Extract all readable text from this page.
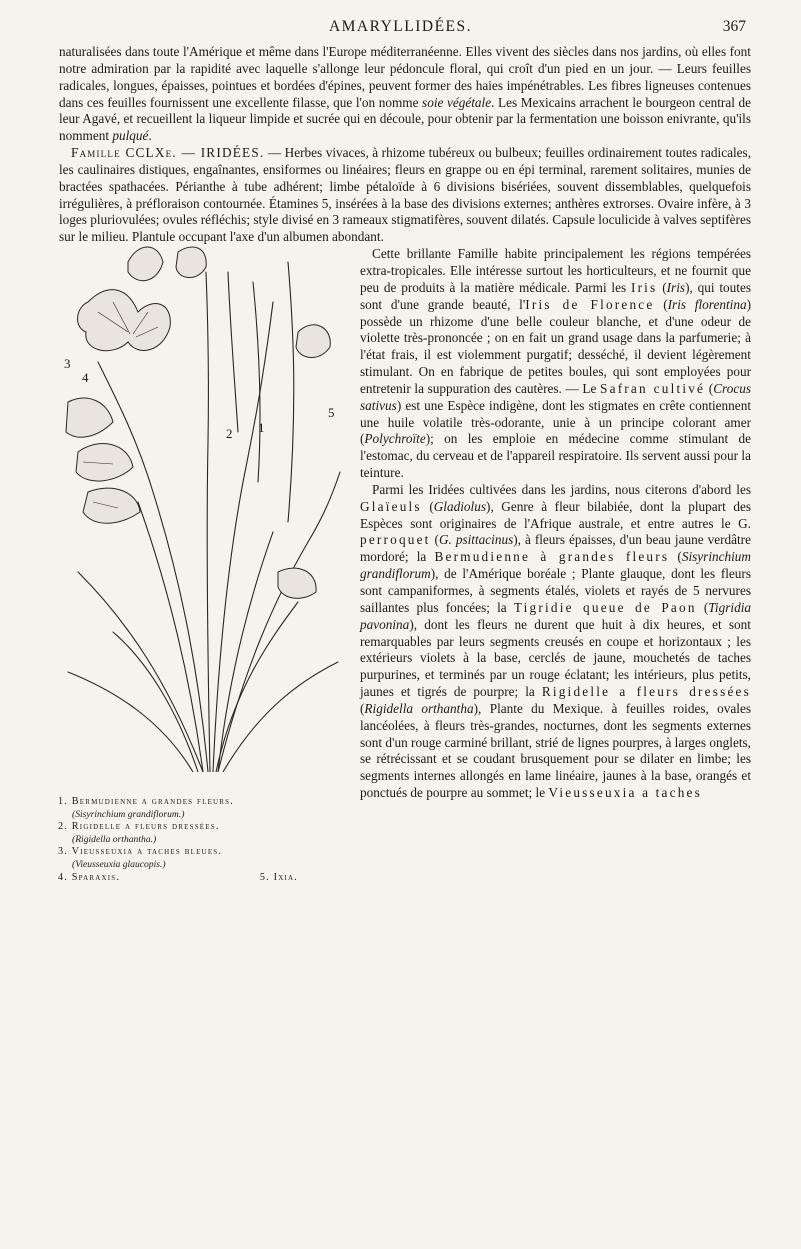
AMARYLLIDÉES.	367

naturalisées dans toute l'Amérique et même dans l'Europe méditerranéenne. Elles vivent des siècles dans nos jardins, où elles font notre admiration par la rapidité avec laquelle s'allonge leur pédoncule floral, qui croît d'un pied en un jour. — Leurs feuilles radicales, longues, épaisses, pointues et bordées d'épines, peuvent former des haies impénétrables. Les fibres ligneuses contenues dans ces feuilles fournissent une excellente filasse, que l'on nomme soie végétale. Les Mexicains arrachent le bourgeon central de leur Agavé, et recueillent la liqueur limpide et sucrée qui en découle, pour obtenir par la fermentation une boisson enivrante, qu'ils nomment pulqué.

Famille CCLXe. — IRIDÉES. — Herbes vivaces, à rhizome tubéreux ou bulbeux; feuilles ordinairement toutes radicales, les caulinaires distiques, engaînantes, ensiformes ou linéaires; fleurs en grappe ou en épi terminal, rarement solitaires, munies de bractées spathacées. Périanthe à tube adhérent; limbe pétaloïde à 6 divisions bisériées, souvent dissemblables, quelquefois irrégulières, à préfloraison contournée. Étamines 5, insérées à la base des divisions externes; anthères extrorses. Ovaire infère, à 3 loges pluriovulées; ovules réfléchis; style divisé en 3 rameaux stigmatifères, souvent dilatés. Capsule loculicide à valves septifères sur le milieu. Plantule occupant l'axe d'un albumen abondant.

Cette brillante Famille habite principalement les régions tempérées extra-tropicales. Elle intéresse surtout les horticulteurs, et ne fournit que peu de produits à la matière médicale. Parmi les Iris (Iris), qui toutes sont d'une grande beauté, l'Iris de Florence (Iris florentina) possède un rhizome d'une belle couleur blanche, et d'une odeur de violette très-prononcée ; on en fait un grand usage dans la parfumerie; à l'état frais, il est violemment purgatif; desséché, il devient légèrement stimulant. On en fabrique de petites boules, qui sont employées pour entretenir la suppuration des cautères. — Le Safran cultivé (Crocus sativus) est une Espèce indigène, dont les stigmates en crête contiennent une huile volatile très-odorante, unie à un principe colorant amer (Polychroïte); on les emploie en médecine comme stimulant de l'estomac, du cerveau et de l'appareil respiratoire. Ils servent aussi pour la teinture.

Parmi les Iridées cultivées dans les jardins, nous citerons d'abord les Glaïeuls (Gladiolus), Genre à fleur bilabiée, dont la plupart des Espèces sont originaires de l'Afrique australe, et entre autres le G. perroquet (G. psittacinus), à fleurs épaisses, d'un beau jaune verdâtre mordoré; la Bermudienne à grandes fleurs (Sisyrinchium grandiflorum), de l'Amérique boréale ; Plante glauque, dont les fleurs sont campaniformes, à segments étalés, violets et rayés de 5 nervures saillantes plus foncées; la Tigridie queue de Paon (Tigridia pavonina), dont les fleurs ne durent que huit à dix heures, et sont remarquables par leurs segments creusés en coupe et horizontaux ; les extérieurs violets à la base, cerclés de jaune, mouchetés de taches purpurines, et terminés par un rouge éclatant; les intérieurs, plus petits, jaunes et tigrés de pourpre; la Rigidelle a fleurs dressées (Rigidella orthantha), Plante du Mexique. à feuilles roides, ovales lancéolées, à fleurs très-grandes, nocturnes, dont les segments externes sont d'un rouge carminé brillant, strié de lignes pourpres, à larges onglets, se rétrécissant et se coudant brusquement pour se dilater en limbe; les segments internes allongés en lame linéaire, jaunes à la base, orangés et ponctués de pourpre au sommet; le Vieusseuxia a taches

4
2 1
3
5
1. Bermudienne a grandes fleurs.
(Sisyrinchium grandiflorum.)
2. Rigidelle a fleurs dressées.
(Rigidella orthantha.)
3. Vieusseuxia a taches bleues.
(Vieusseuxia glaucopis.)
4. Sparaxis.	5. Ixia.
